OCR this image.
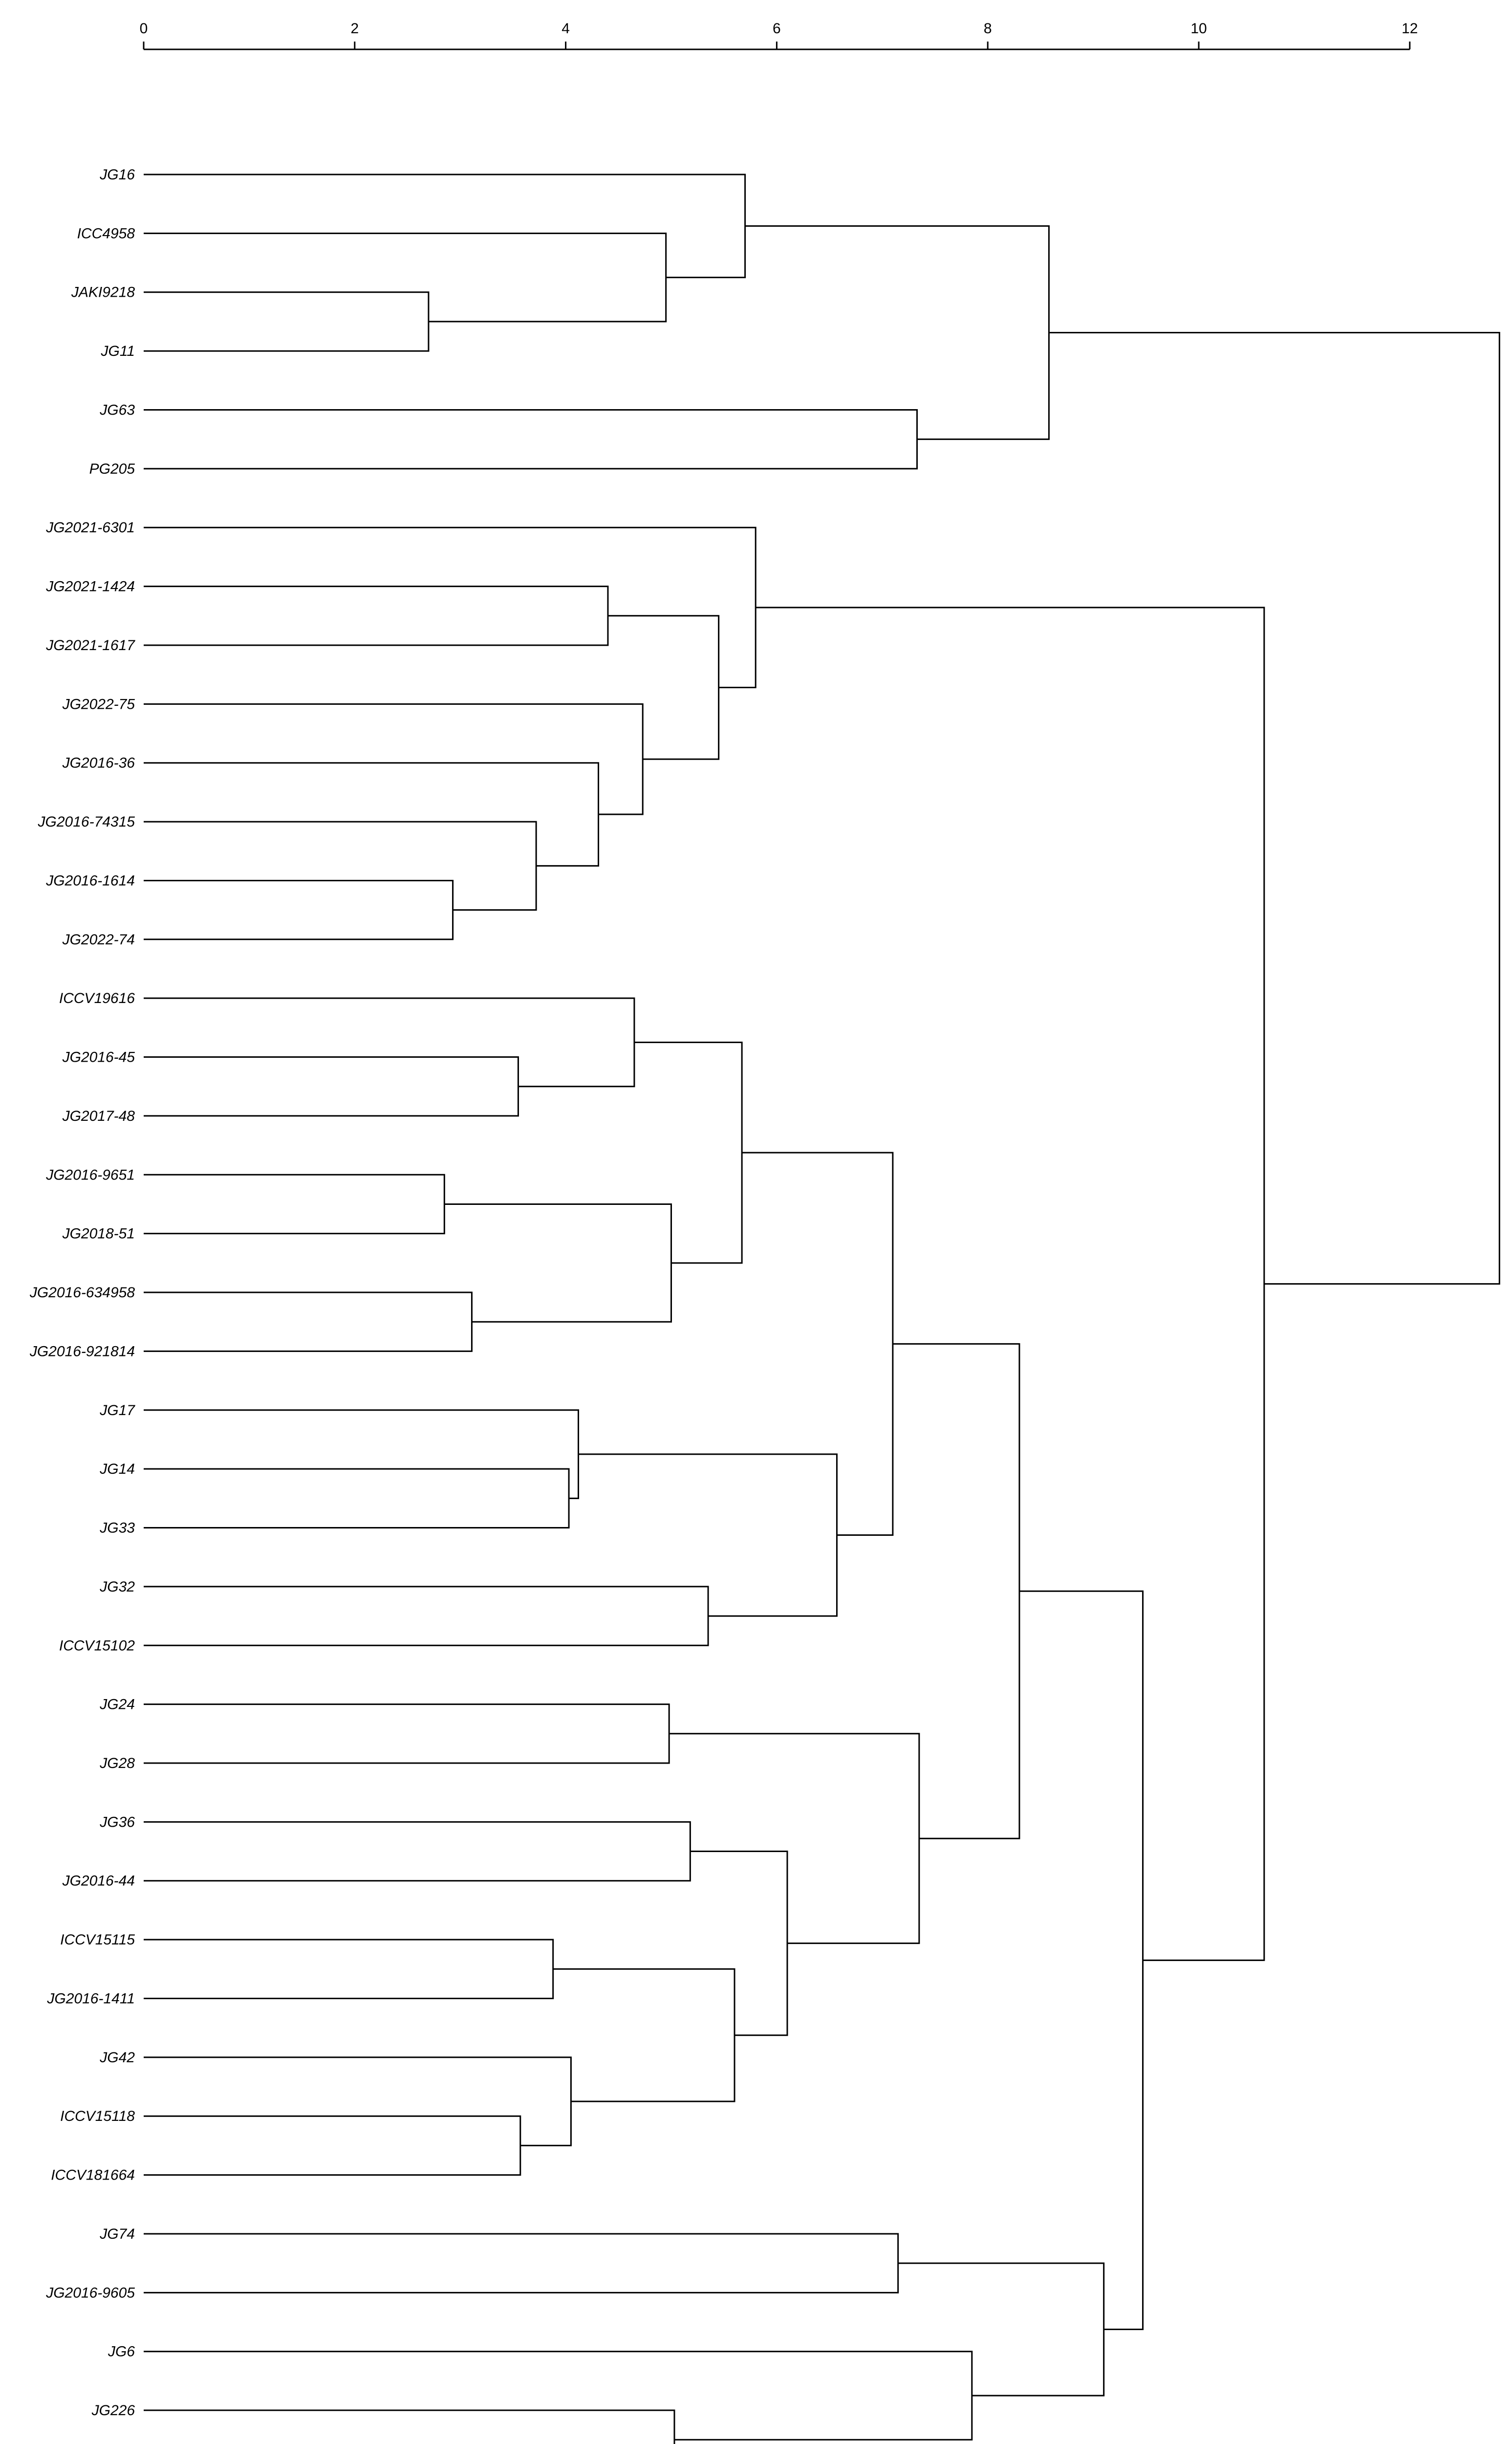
0	2	4	6	8	10	12
JG16
ICC4958
JAKI9218
JG11
JG63
PG205
JG2021-6301
JG2021-1424
JG2021-1617
JG2022-75
JG2016-36
JG2016-74315
JG2016-1614
JG2022-74
ICCV19616
JG2016-45
JG2017-48
JG2016-9651
JG2018-51
JG2016-634958
JG2016-921814
JG17
JG14
JG33
JG32
ICCV15102
JG24
JG28
JG36
JG2016-44
ICCV15115
JG2016-1411
JG42
ICCV15118
ICCV181664
JG74
JG2016-9605
JG6
JG226
